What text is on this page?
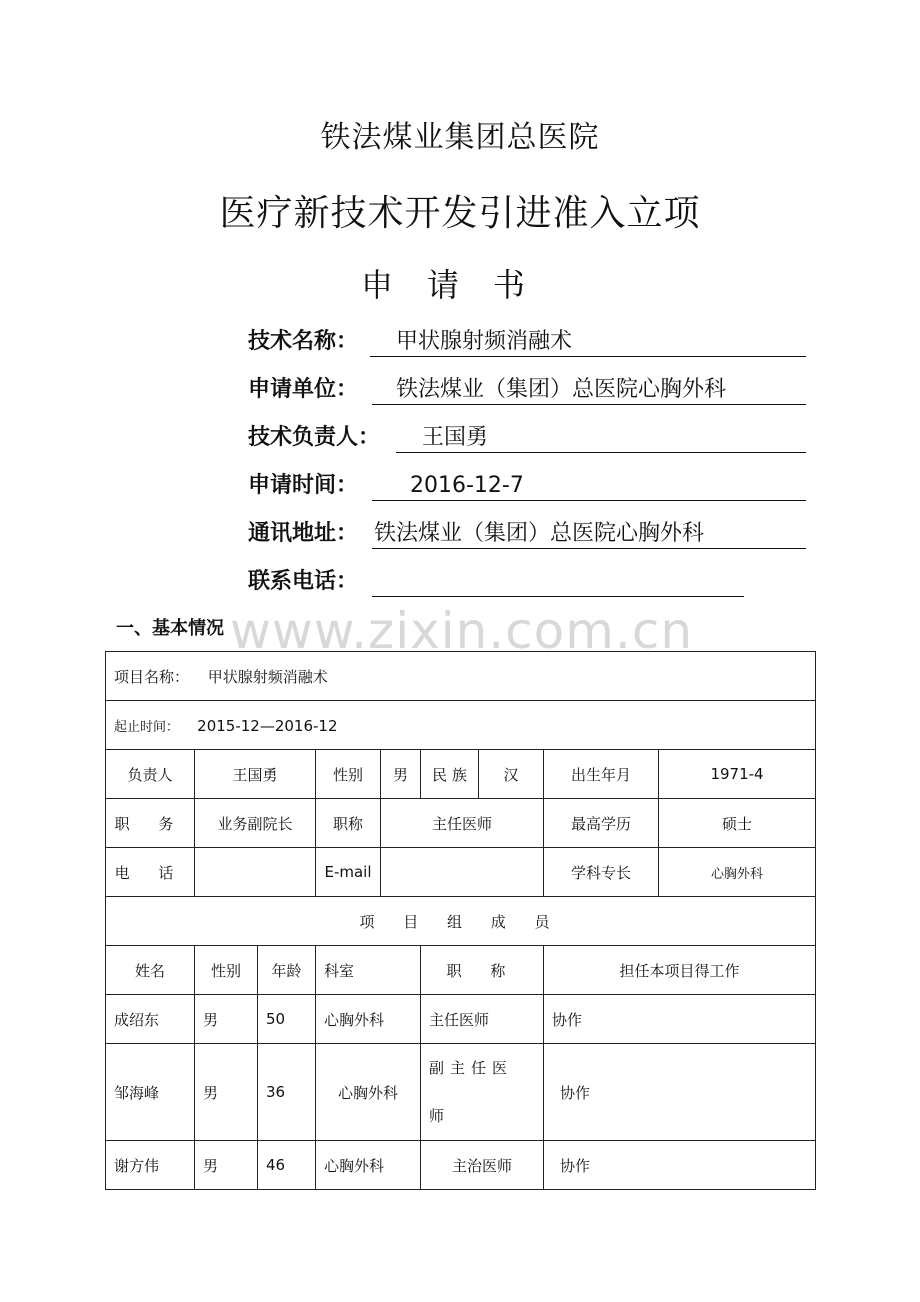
铁法煤业集团总医院
医疗新技术开发引进准入立项
申请书
技术名称： 甲状腺射频消融术
申请单位： 铁法煤业（集团）总医院心胸外科
技术负责人： 王国勇
申请时间： 2016-12-7
通讯地址： 铁法煤业（集团）总医院心胸外科
联系电话：
www.zixin.com.cn
一、基本情况
项目名称： 甲状腺射频消融术								
起止时间： 2015-12—2016-12								
负责人	王国勇		性别	男	民 族	汉	出生年月	1971-4
职 务	业务副院长		职称	主任医师			最高学历	硕士
电 话			E-mail				学科专长	心胸外科
项 目 组 成 员								
姓名	性别	年龄	科室		职 称		担任本项目得工作	
成绍东	男	50	心胸外科		主任医师		协作	
邹海峰	男	36	心胸外科		副主任医师		协作	
谢方伟	男	46	心胸外科		主治医师		协作	
